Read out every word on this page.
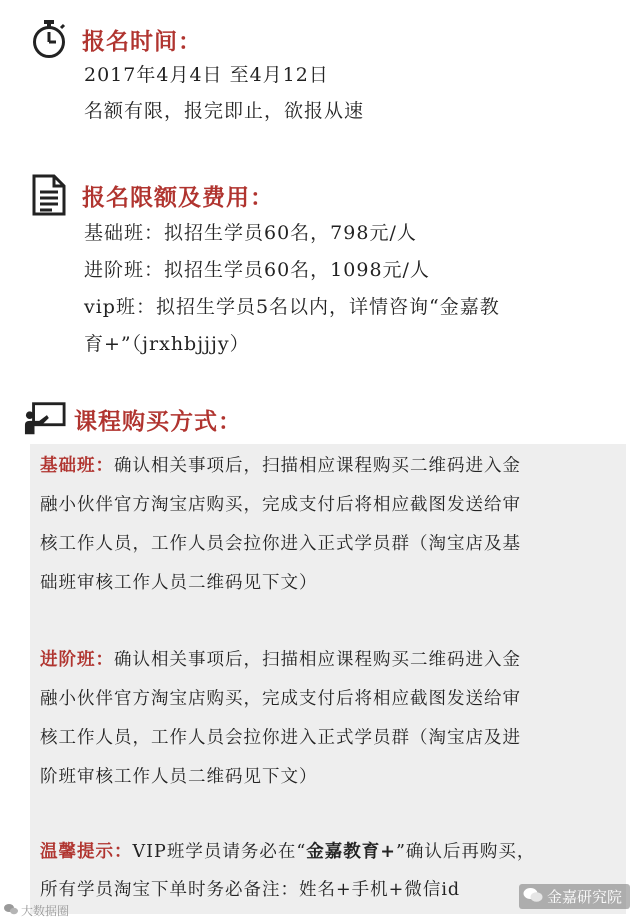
报名时间：
2017年4月4日 至4月12日
名额有限，报完即止，欲报从速
报名限额及费用：
基础班：拟招生学员60名，798元/人
进阶班：拟招生学员60名，1098元/人
vip班：拟招生学员5名以内，详情咨询“金嘉教
育+”（jrxhbjjjy）
课程购买方式：
基础班：确认相关事项后，扫描相应课程购买二维码进入金
融小伙伴官方淘宝店购买，完成支付后将相应截图发送给审
核工作人员，工作人员会拉你进入正式学员群（淘宝店及基
础班审核工作人员二维码见下文）
进阶班：确认相关事项后，扫描相应课程购买二维码进入金
融小伙伴官方淘宝店购买，完成支付后将相应截图发送给审
核工作人员，工作人员会拉你进入正式学员群（淘宝店及进
阶班审核工作人员二维码见下文）
温馨提示：VIP班学员请务必在“金嘉教育+”确认后再购买，
所有学员淘宝下单时务必备注：姓名+手机+微信id
大数据圈
金嘉研究院
